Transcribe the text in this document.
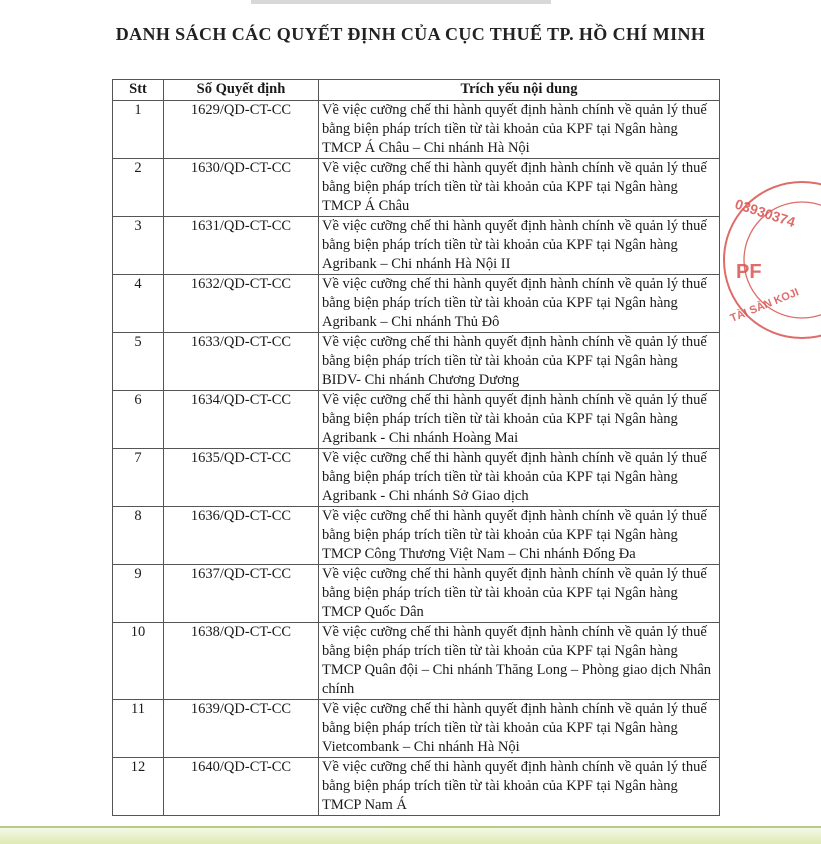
DANH SÁCH CÁC QUYẾT ĐỊNH CỦA CỤC THUẾ TP. HỒ CHÍ MINH
Stt	Số Quyết định	Trích yếu nội dung
1	1629/QD-CT-CC	Về việc cưỡng chế thi hành quyết định hành chính về quản lý thuế bằng biện pháp trích tiền từ tài khoản của KPF tại Ngân hàng TMCP Á Châu – Chi nhánh Hà Nội
2	1630/QD-CT-CC	Về việc cưỡng chế thi hành quyết định hành chính về quản lý thuế bằng biện pháp trích tiền từ tài khoản của KPF tại Ngân hàng TMCP Á Châu
3	1631/QD-CT-CC	Về việc cưỡng chế thi hành quyết định hành chính về quản lý thuế bằng biện pháp trích tiền từ tài khoản của KPF tại Ngân hàng Agribank – Chi nhánh Hà Nội II
4	1632/QD-CT-CC	Về việc cưỡng chế thi hành quyết định hành chính về quản lý thuế bằng biện pháp trích tiền từ tài khoản của KPF tại Ngân hàng Agribank – Chi nhánh Thủ Đô
5	1633/QD-CT-CC	Về việc cưỡng chế thi hành quyết định hành chính về quản lý thuế bằng biện pháp trích tiền từ tài khoản của KPF tại Ngân hàng BIDV- Chi nhánh Chương Dương
6	1634/QD-CT-CC	Về việc cưỡng chế thi hành quyết định hành chính về quản lý thuế bằng biện pháp trích tiền từ tài khoản của KPF tại Ngân hàng Agribank - Chi nhánh Hoàng Mai
7	1635/QD-CT-CC	Về việc cưỡng chế thi hành quyết định hành chính về quản lý thuế bằng biện pháp trích tiền từ tài khoản của KPF tại Ngân hàng Agribank - Chi nhánh Sở Giao dịch
8	1636/QD-CT-CC	Về việc cưỡng chế thi hành quyết định hành chính về quản lý thuế bằng biện pháp trích tiền từ tài khoản của KPF tại Ngân hàng TMCP Công Thương Việt Nam – Chi nhánh Đống Đa
9	1637/QD-CT-CC	Về việc cưỡng chế thi hành quyết định hành chính về quản lý thuế bằng biện pháp trích tiền từ tài khoản của KPF tại Ngân hàng TMCP Quốc Dân
10	1638/QD-CT-CC	Về việc cưỡng chế thi hành quyết định hành chính về quản lý thuế bằng biện pháp trích tiền từ tài khoản của KPF tại Ngân hàng TMCP Quân đội – Chi nhánh Thăng Long – Phòng giao dịch Nhân chính
11	1639/QD-CT-CC	Về việc cưỡng chế thi hành quyết định hành chính về quản lý thuế bằng biện pháp trích tiền từ tài khoản của KPF tại Ngân hàng Vietcombank – Chi nhánh Hà Nội
12	1640/QD-CT-CC	Về việc cưỡng chế thi hành quyết định hành chính về quản lý thuế bằng biện pháp trích tiền từ tài khoản của KPF tại Ngân hàng TMCP Nam Á
03930374
PF
TÀI SẢN KOJI
